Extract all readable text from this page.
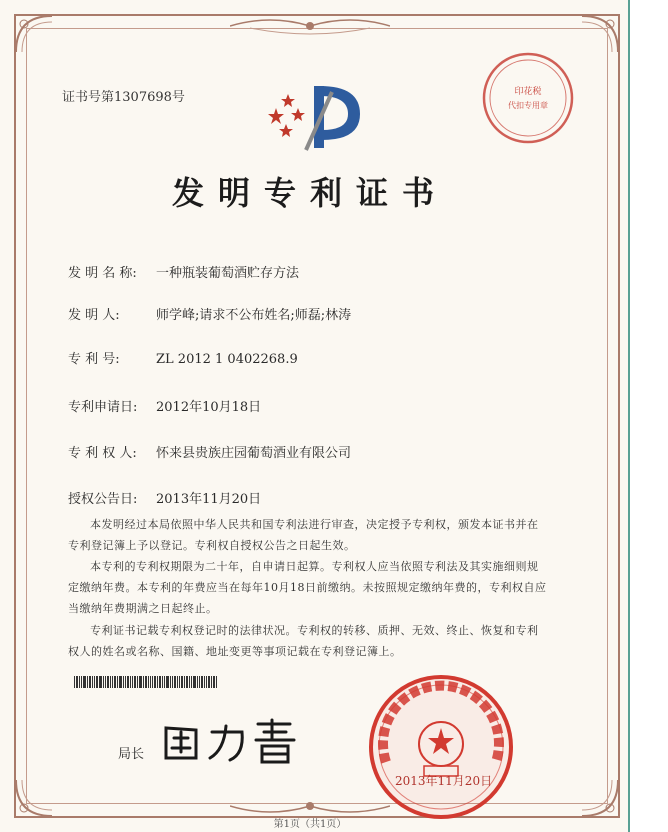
证书号第1307698号	印花税
代扣专用章
发明专利证书
发 明 名 称: 一种瓶装葡萄酒贮存方法
发 明 人:	师学峰;请求不公布姓名;师磊;林涛
专 利 号:	ZL 2012 1 0402268.9
专利申请日: 2012年10月18日
专 利 权 人: 怀来县贵族庄园葡萄酒业有限公司
授权公告日: 2013年11月20日
本发明经过本局依照中华人民共和国专利法进行审查，决定授予专利权，颁发本证书并在专利登记簿上予以登记。专利权自授权公告之日起生效。
本专利的专利权期限为二十年，自申请日起算。专利权人应当依照专利法及其实施细则规定缴纳年费。本专利的年费应当在每年10月18日前缴纳。未按照规定缴纳年费的，专利权自应当缴纳年费期满之日起终止。
专利证书记载专利权登记时的法律状况。专利权的转移、质押、无效、终止、恢复和专利权人的姓名或名称、国籍、地址变更等事项记载在专利登记簿上。
局长
2013年11月20日
第1页（共1页）
